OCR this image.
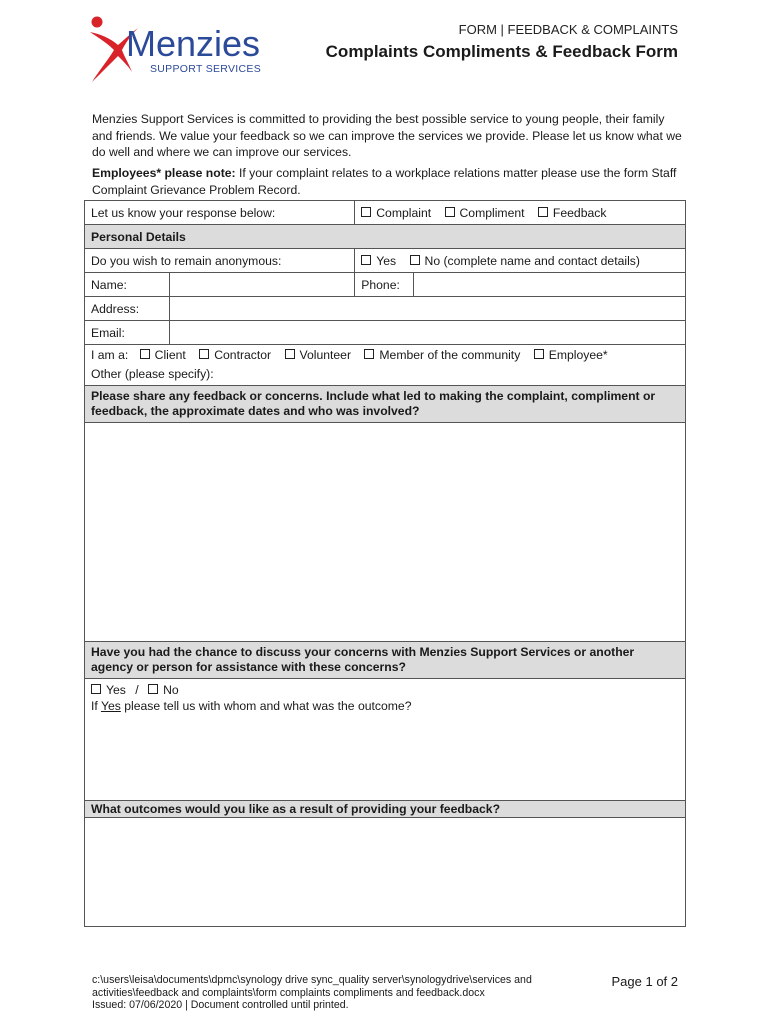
Menzies
SUPPORT SERVICES
FORM | FEEDBACK & COMPLAINTS
Complaints Compliments & Feedback Form
Menzies Support Services is committed to providing the best possible service to young people, their family and friends. We value your feedback so we can improve the services we provide. Please let us know what we do well and where we can improve our services.
Employees* please note: If your complaint relates to a workplace relations matter please use the form Staff Complaint Grievance Problem Record.
Let us know your response below:		Complaint Compliment Feedback	
Personal Details			
Do you wish to remain anonymous:		Yes No (complete name and contact details)	
Name:		Phone:	
Address:			
Email:			
I am a: Client Contractor Volunteer Member of the community Employee*
Other (please specify):			
Please share any feedback or concerns. Include what led to making the complaint, compliment or feedback, the approximate dates and who was involved?			

Have you had the chance to discuss your concerns with Menzies Support Services or another agency or person for assistance with these concerns?			

Yes / No
If Yes please tell us with whom and what was the outcome?			

What outcomes would you like as a result of providing your feedback?			

c:\users\leisa\documents\dpmc\synology drive sync_quality server\synologydrive\services and activities\feedback and complaints\form complaints compliments and feedback.docx
Issued: 07/06/2020 | Document controlled until printed.
Page 1 of 2
